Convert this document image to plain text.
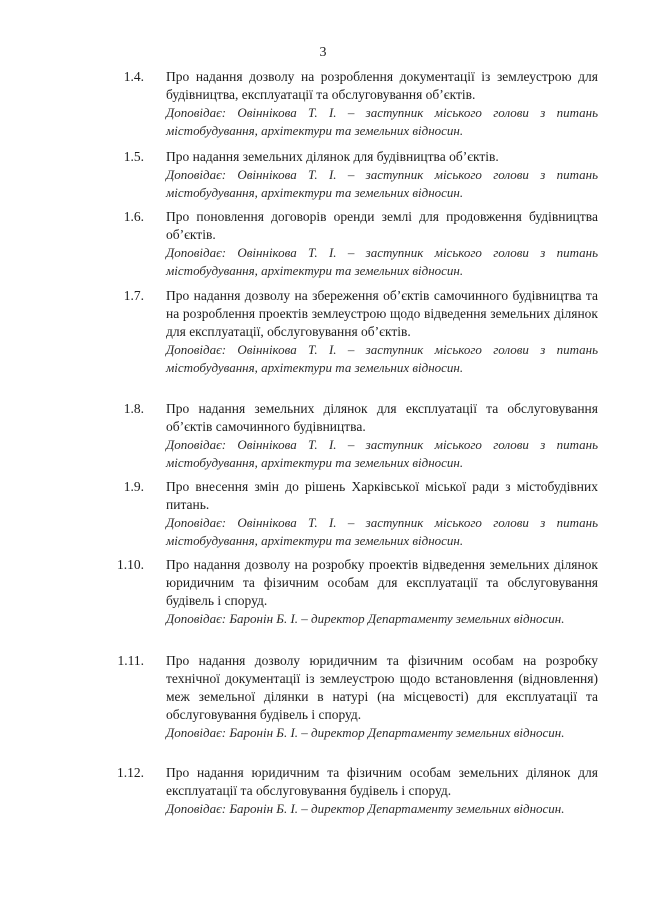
3
1.4. Про надання дозволу на розроблення документації із землеустрою для будівництва, експлуатації та обслуговування об’єктів.

Доповідає: Овіннікова Т. І. – заступник міського голови з питань містобудування, архітектури та земельних відносин.

1.5. Про надання земельних ділянок для будівництва об’єктів.

Доповідає: Овіннікова Т. І. – заступник міського голови з питань містобудування, архітектури та земельних відносин.

1.6. Про поновлення договорів оренди землі для продовження будівництва об’єктів.

Доповідає: Овіннікова Т. І. – заступник міського голови з питань містобудування, архітектури та земельних відносин.

1.7. Про надання дозволу на збереження об’єктів самочинного будівництва та на розроблення проектів землеустрою щодо відведення земельних ділянок для експлуатації, обслуговування об’єктів.

Доповідає: Овіннікова Т. І. – заступник міського голови з питань містобудування, архітектури та земельних відносин.

1.8. Про надання земельних ділянок для експлуатації та обслуговування об’єктів самочинного будівництва.

Доповідає: Овіннікова Т. І. – заступник міського голови з питань містобудування, архітектури та земельних відносин.

1.9. Про внесення змін до рішень Харківської міської ради з містобудівних питань.

Доповідає: Овіннікова Т. І. – заступник міського голови з питань містобудування, архітектури та земельних відносин.

1.10. Про надання дозволу на розробку проектів відведення земельних ділянок юридичним та фізичним особам для експлуатації та обслуговування будівель і споруд.

Доповідає: Баронін Б. І. – директор Департаменту земельних відносин.

1.11. Про надання дозволу юридичним та фізичним особам на розробку технічної документації із землеустрою щодо встановлення (відновлення) меж земельної ділянки в натурі (на місцевості) для експлуатації та обслуговування будівель і споруд.

Доповідає: Баронін Б. І. – директор Департаменту земельних відносин.

1.12. Про надання юридичним та фізичним особам земельних ділянок для експлуатації та обслуговування будівель і споруд.

Доповідає: Баронін Б. І. – директор Департаменту земельних відносин.
